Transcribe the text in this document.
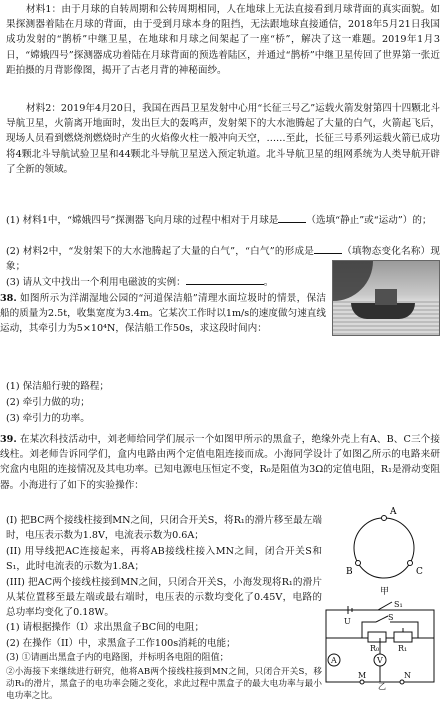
材料1：由于月球的自转周期和公转周期相同，人在地球上无法直接看到月球背面的真实面貌。如果探测器着陆在月球的背面，由于受到月球本身的阻挡，无法跟地球直接通信，2018年5月21日我国成功发射的“鹊桥”中继卫星，在地球和月球之间架起了一座“桥”，解决了这一难题。2019年1月3日，“嫦娥四号”探测器成功着陆在月球背面的预选着陆区，并通过“鹊桥”中继卫星传回了世界第一张近距拍摄的月背影像图，揭开了古老月背的神秘面纱。
材料2：2019年4月20日，我国在西昌卫星发射中心用“长征三号乙”运载火箭发射第四十四颗北斗导航卫星，火箭离开地面时，发出巨大的轰鸣声，发射架下的大水池腾起了大量的白气，火箭起飞后，现场人员看到燃烧剂燃烧时产生的火焰像火柱一般冲向天空，……至此，长征三号系列运载火箭已成功将4颗北斗导航试验卫星和44颗北斗导航卫星送入预定轨道。北斗导航卫星的组网系统为人类导航开辟了全新的领域。
(1) 材料1中，“嫦娥四号”探测器飞向月球的过程中相对于月球是	（选填“静止”或“运动”）的；
(2) 材料2中，“发射架下的大水池腾起了大量的白气”，“白气”的形成是	（填物态变化名称）现象；
(3) 请从文中找出一个利用电磁波的实例：	。
38. 如图所示为洋湖湿地公园的“河道保洁船”清理水面垃圾时的情景，保洁船的质量为2.5t，收集宽度为3.4m。它某次工作时以1m/s的速度做匀速直线运动，其牵引力为5×10⁴N，保洁船工作50s，求这段时间内：
(1) 保洁船行驶的路程；
(2) 牵引力做的功；
(3) 牵引力的功率。
39. 在某次科技活动中，刘老师给同学们展示一个如图甲所示的黑盒子，绝缘外壳上有A、B、C三个接线柱。刘老师告诉同学们，盒内电路由两个定值电阻连接而成。小海同学设计了如图乙所示的电路来研究盒内电阻的连接情况及其电功率。已知电源电压恒定不变，R₀是阻值为3Ω的定值电阻，R₁是滑动变阻器。小海进行了如下的实验操作：
(I) 把BC两个接线柱接到MN之间，只闭合开关S，将R₁的滑片移至最左端时，电压表示数为1.8V，电流表示数为0.6A；
(II) 用导线把AC连接起来，再将AB接线柱接入MN之间，闭合开关S和S₁，此时电流表的示数为1.8A；
(III) 把AC两个接线柱接到MN之间，只闭合开关S，小海发现将R₁的滑片从某位置移至最左端或最右端时，电压表的示数均变化了0.45V，电路的总功率均变化了0.18W。
(1) 请根据操作（I）求出黑盒子BC间的电阻；
(2) 在操作（II）中，求黑盒子工作100s消耗的电能；
(3) ①请画出黑盒子内的电路图，并标明各电阻的阻值；
②小海接下来继续进行研究，他将AB两个接线柱接到MN之间，只闭合开关S，移动R₁的滑片，黑盒子的电功率会随之变化，求此过程中黑盒子的最大电功率与最小电功率之比。
A
B	C
甲
S₁
S
U
R₀ R₁
A	V
M	N
乙
